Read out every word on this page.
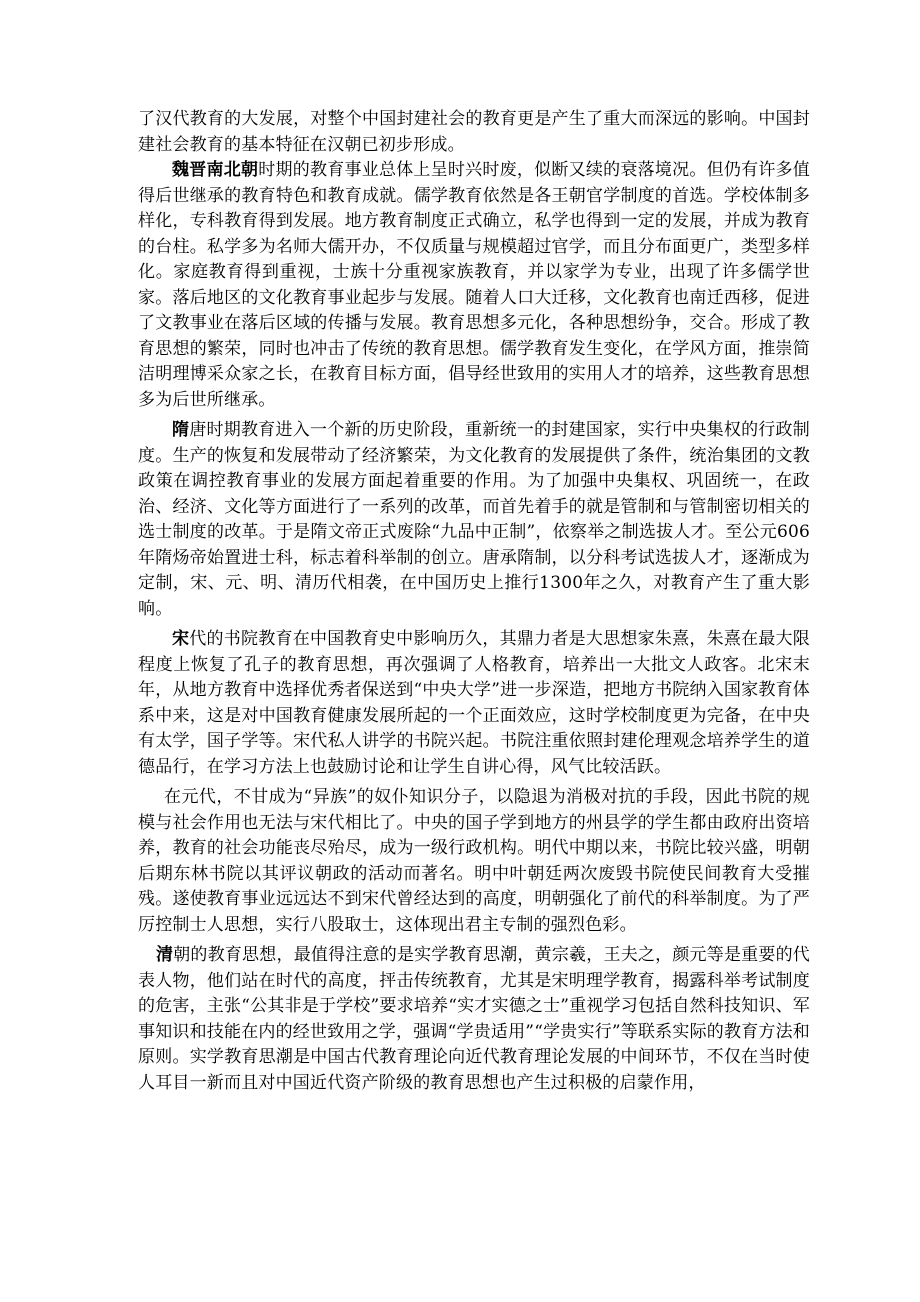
了汉代教育的大发展，对整个中国封建社会的教育更是产生了重大而深远的影响。中国封建社会教育的基本特征在汉朝已初步形成。

魏晋南北朝时期的教育事业总体上呈时兴时废，似断又续的衰落境况。但仍有许多值得后世继承的教育特色和教育成就。儒学教育依然是各王朝官学制度的首选。学校体制多样化，专科教育得到发展。地方教育制度正式确立，私学也得到一定的发展，并成为教育的台柱。私学多为名师大儒开办，不仅质量与规模超过官学，而且分布面更广，类型多样化。家庭教育得到重视，士族十分重视家族教育，并以家学为专业，出现了许多儒学世家。落后地区的文化教育事业起步与发展。随着人口大迁移，文化教育也南迁西移，促进了文教事业在落后区域的传播与发展。教育思想多元化，各种思想纷争，交合。形成了教育思想的繁荣，同时也冲击了传统的教育思想。儒学教育发生变化，在学风方面，推崇简洁明理博采众家之长，在教育目标方面，倡导经世致用的实用人才的培养，这些教育思想多为后世所继承。

隋唐时期教育进入一个新的历史阶段，重新统一的封建国家，实行中央集权的行政制度。生产的恢复和发展带动了经济繁荣，为文化教育的发展提供了条件，统治集团的文教政策在调控教育事业的发展方面起着重要的作用。为了加强中央集权、巩固统一，在政治、经济、文化等方面进行了一系列的改革，而首先着手的就是管制和与管制密切相关的选士制度的改革。于是隋文帝正式废除“九品中正制”，依察举之制选拔人才。至公元606年隋炀帝始置进士科，标志着科举制的创立。唐承隋制，以分科考试选拔人才，逐渐成为定制，宋、元、明、清历代相袭，在中国历史上推行1300年之久，对教育产生了重大影响。

宋代的书院教育在中国教育史中影响历久，其鼎力者是大思想家朱熹，朱熹在最大限程度上恢复了孔子的教育思想，再次强调了人格教育，培养出一大批文人政客。北宋末年，从地方教育中选择优秀者保送到“中央大学”进一步深造，把地方书院纳入国家教育体系中来，这是对中国教育健康发展所起的一个正面效应，这时学校制度更为完备，在中央有太学，国子学等。宋代私人讲学的书院兴起。书院注重依照封建伦理观念培养学生的道德品行，在学习方法上也鼓励讨论和让学生自讲心得，风气比较活跃。

在元代，不甘成为“异族”的奴仆知识分子，以隐退为消极对抗的手段，因此书院的规模与社会作用也无法与宋代相比了。中央的国子学到地方的州县学的学生都由政府出资培养，教育的社会功能丧尽殆尽，成为一级行政机构。明代中期以来，书院比较兴盛，明朝后期东林书院以其评议朝政的活动而著名。明中叶朝廷两次废毁书院使民间教育大受摧残。遂使教育事业远远达不到宋代曾经达到的高度，明朝强化了前代的科举制度。为了严厉控制士人思想，实行八股取士，这体现出君主专制的强烈色彩。

清朝的教育思想，最值得注意的是实学教育思潮，黄宗羲，王夫之，颜元等是重要的代表人物，他们站在时代的高度，抨击传统教育，尤其是宋明理学教育，揭露科举考试制度的危害，主张“公其非是于学校”要求培养“实才实德之士”重视学习包括自然科技知识、军事知识和技能在内的经世致用之学，强调“学贵适用”“学贵实行”等联系实际的教育方法和原则。实学教育思潮是中国古代教育理论向近代教育理论发展的中间环节，不仅在当时使人耳目一新而且对中国近代资产阶级的教育思想也产生过积极的启蒙作用，
